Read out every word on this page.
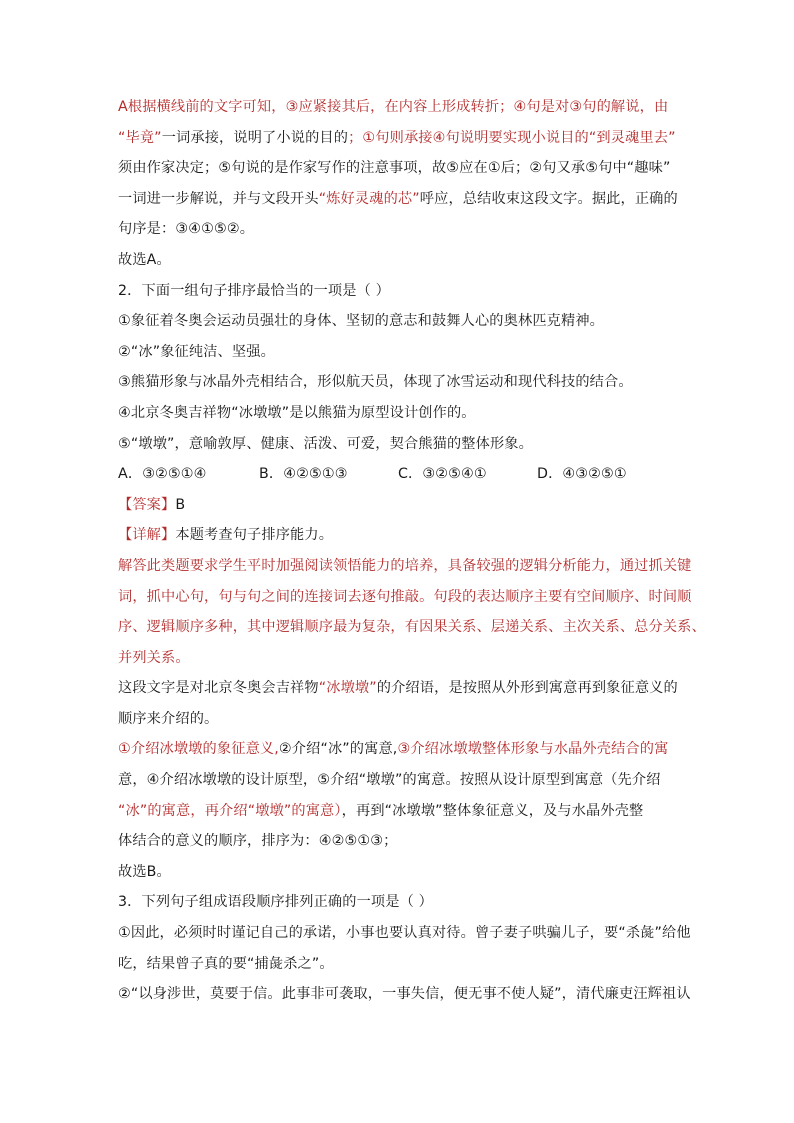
A根据横线前的文字可知，③应紧接其后，在内容上形成转折；④句是对③句的解说，由
“毕竟”一词承接，说明了小说的目的；①句则承接④句说明要实现小说目的“到灵魂里去”
须由作家决定；⑤句说的是作家写作的注意事项，故⑤应在①后；②句又承⑤句中“趣味”
一词进一步解说，并与文段开头“炼好灵魂的芯”呼应，总结收束这段文字。据此，正确的
句序是：③④①⑤②。
故选A。
2．下面一组句子排序最恰当的一项是（ ）
①象征着冬奥会运动员强壮的身体、坚韧的意志和鼓舞人心的奥林匹克精神。
②“冰”象征纯洁、坚强。
③熊猫形象与冰晶外壳相结合，形似航天员，体现了冰雪运动和现代科技的结合。
④北京冬奥吉祥物“冰墩墩”是以熊猫为原型设计创作的。
⑤“墩墩”，意喻敦厚、健康、活泼、可爱，契合熊猫的整体形象。
A．③②⑤①④	B．④②⑤①③	C．③②⑤④①	D．④③②⑤①
【答案】B
【详解】本题考查句子排序能力。
解答此类题要求学生平时加强阅读领悟能力的培养，具备较强的逻辑分析能力，通过抓关键
词，抓中心句，句与句之间的连接词去逐句推敲。句段的表达顺序主要有空间顺序、时间顺
序、逻辑顺序多种，其中逻辑顺序最为复杂，有因果关系、层递关系、主次关系、总分关系、
并列关系。
这段文字是对北京冬奥会吉祥物“冰墩墩”的介绍语，是按照从外形到寓意再到象征意义的
顺序来介绍的。
①介绍冰墩墩的象征意义,②介绍“冰”的寓意,③介绍冰墩墩整体形象与水晶外壳结合的寓
意，④介绍冰墩墩的设计原型，⑤介绍“墩墩”的寓意。按照从设计原型到寓意（先介绍
“冰”的寓意，再介绍“墩墩”的寓意），再到“冰墩墩”整体象征意义，及与水晶外壳整
体结合的意义的顺序，排序为：④②⑤①③；
故选B。
3．下列句子组成语段顺序排列正确的一项是（ ）
①因此，必须时时谨记自己的承诺，小事也要认真对待。曾子妻子哄骗儿子，要“杀彘”给他
吃，结果曾子真的要“捕彘杀之”。
②“以身涉世，莫要于信。此事非可袭取，一事失信，便无事不使人疑”，清代廉吏汪辉祖认
